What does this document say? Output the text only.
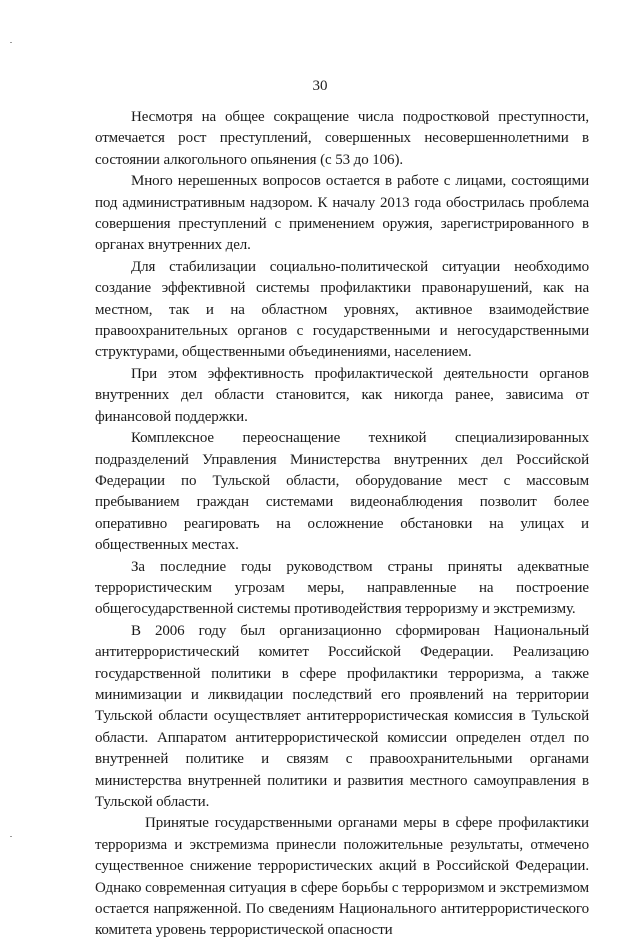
30

Несмотря на общее сокращение числа подростковой преступности, отмечается рост преступлений, совершенных несовершеннолетними в состоянии алкогольного опьянения (с 53 до 106).

Много нерешенных вопросов остается в работе с лицами, состоящими под административным надзором. К началу 2013 года обострилась проблема совершения преступлений с применением оружия, зарегистрированного в органах внутренних дел.

Для стабилизации социально-политической ситуации необходимо создание эффективной системы профилактики правонарушений, как на местном, так и на областном уровнях, активное взаимодействие правоохранительных органов с государственными и негосударственными структурами, общественными объединениями, населением.

При этом эффективность профилактической деятельности органов внутренних дел области становится, как никогда ранее, зависима от финансовой поддержки.

Комплексное переоснащение техникой специализированных подразделений Управления Министерства внутренних дел Российской Федерации по Тульской области, оборудование мест с массовым пребыванием граждан системами видеонаблюдения позволит более оперативно реагировать на осложнение обстановки на улицах и общественных местах.

За последние годы руководством страны приняты адекватные террористическим угрозам меры, направленные на построение общегосударственной системы противодействия терроризму и экстремизму.

В 2006 году был организационно сформирован Национальный антитеррористический комитет Российской Федерации. Реализацию государственной политики в сфере профилактики терроризма, а также минимизации и ликвидации последствий его проявлений на территории Тульской области осуществляет антитеррористическая комиссия в Тульской области. Аппаратом антитеррористической комиссии определен отдел по внутренней политике и связям с правоохранительными органами министерства внутренней политики и развития местного самоуправления в Тульской области.

Принятые государственными органами меры в сфере профилактики терроризма и экстремизма принесли положительные результаты, отмечено существенное снижение террористических акций в Российской Федерации. Однако современная ситуация в сфере борьбы с терроризмом и экстремизмом остается напряженной. По сведениям Национального антитеррористического комитета уровень террористической опасности
